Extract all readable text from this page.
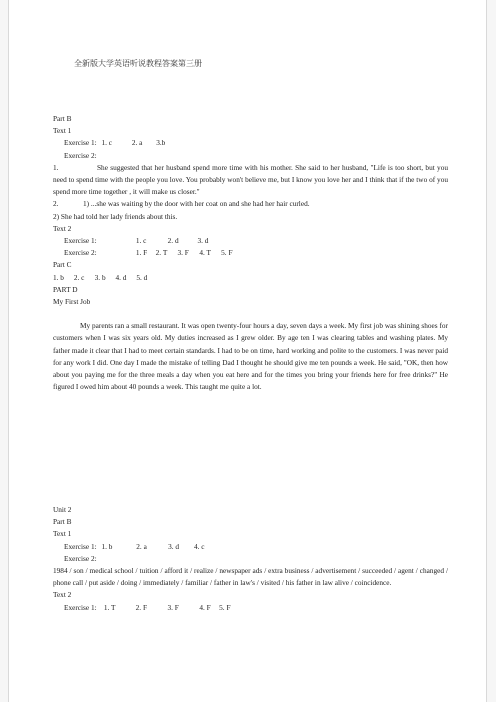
全新版大学英语听说教程答案第三册
Part B
Text 1
Exercise 1: 1. c	2. a 3.b
Exercise 2:
1.	She suggested that her husband spend more time with his mother. She said to her husband, "Life is too short, but you need to spend time with the people you love. You probably won't believe me, but I know you love her and I think that if the two of you spend more time together , it will make us closer."
2.	1) ...she was waiting by the door with her coat on and she had her hair curled.
2) She had told her lady friends about this.
Text 2
Exercise 1:	1. c	2. d	3. d
Exercise 2:	1. F 2. T 3. F 4. T 5. F
Part C
1. b 2. c 3. b 4. d 5. d
PART D
My First Job
My parents ran a small restaurant. It was open twenty-four hours a day, seven days a week. My first job was shining shoes for customers when I was six years old. My duties increased as I grew older. By age ten I was clearing tables and washing plates. My father made it clear that I had to meet certain standards. I had to be on time, hard working and polite to the customers. I was never paid for any work I did. One day I made the mistake of telling Dad I thought he should give me ten pounds a week. He said, "OK, then how about you paying me for the three meals a day when you eat here and for the times you bring your friends here for free drinks?" He figured I owed him about 40 pounds a week. This taught me quite a lot.
Unit 2
Part B
Text 1
Exercise 1: 1. b	2. a	3. d 4. c
Exercise 2:
1984 / son / medical school / tuition / afford it / realize / newspaper ads / extra business / advertisement / succeeded / agent / changed / phone call / put aside / doing / immediately / familiar / father in law's / visited / his father in law alive / coincidence.
Text 2
Exercise 1: 1. T	2. F	3. F	4. F 5. F
